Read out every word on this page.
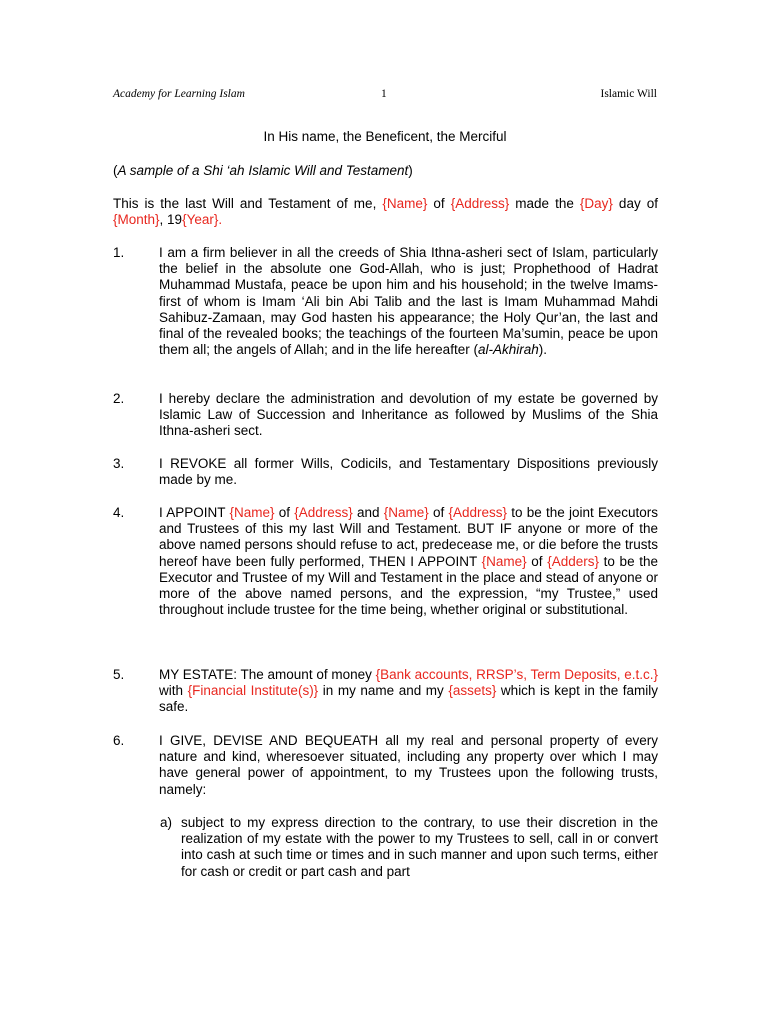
Academy for Learning Islam	1	Islamic Will
In His name, the Beneficent, the Merciful
(A sample of a Shi ‘ah Islamic Will and Testament)
This is the last Will and Testament of me, {Name} of {Address} made the {Day} day of {Month}, 19{Year}.
1.	I am a firm believer in all the creeds of Shia Ithna-asheri sect of Islam, particularly the belief in the absolute one God-Allah, who is just; Prophethood of Hadrat Muhammad Mustafa, peace be upon him and his household; in the twelve Imams-first of whom is Imam ‘Ali bin Abi Talib and the last is Imam Muhammad Mahdi Sahibuz-Zamaan, may God hasten his appearance; the Holy Qur’an, the last and final of the revealed books; the teachings of the fourteen Ma’sumin, peace be upon them all; the angels of Allah; and in the life hereafter (al-Akhirah).
2.	I hereby declare the administration and devolution of my estate be governed by Islamic Law of Succession and Inheritance as followed by Muslims of the Shia Ithna-asheri sect.
3.	I REVOKE all former Wills, Codicils, and Testamentary Dispositions previously made by me.
4.	I APPOINT {Name} of {Address} and {Name} of {Address} to be the joint Executors and Trustees of this my last Will and Testament. BUT IF anyone or more of the above named persons should refuse to act, predecease me, or die before the trusts hereof have been fully performed, THEN I APPOINT {Name} of {Adders} to be the Executor and Trustee of my Will and Testament in the place and stead of anyone or more of the above named persons, and the expression, “my Trustee,” used throughout include trustee for the time being, whether original or substitutional.
5.	MY ESTATE: The amount of money {Bank accounts, RRSP’s, Term Deposits, e.t.c.} with {Financial Institute(s)} in my name and my {assets} which is kept in the family safe.
6.	I GIVE, DEVISE AND BEQUEATH all my real and personal property of every nature and kind, wheresoever situated, including any property over which I may have general power of appointment, to my Trustees upon the following trusts, namely:
a) subject to my express direction to the contrary, to use their discretion in the realization of my estate with the power to my Trustees to sell, call in or convert into cash at such time or times and in such manner and upon such terms, either for cash or credit or part cash and part
